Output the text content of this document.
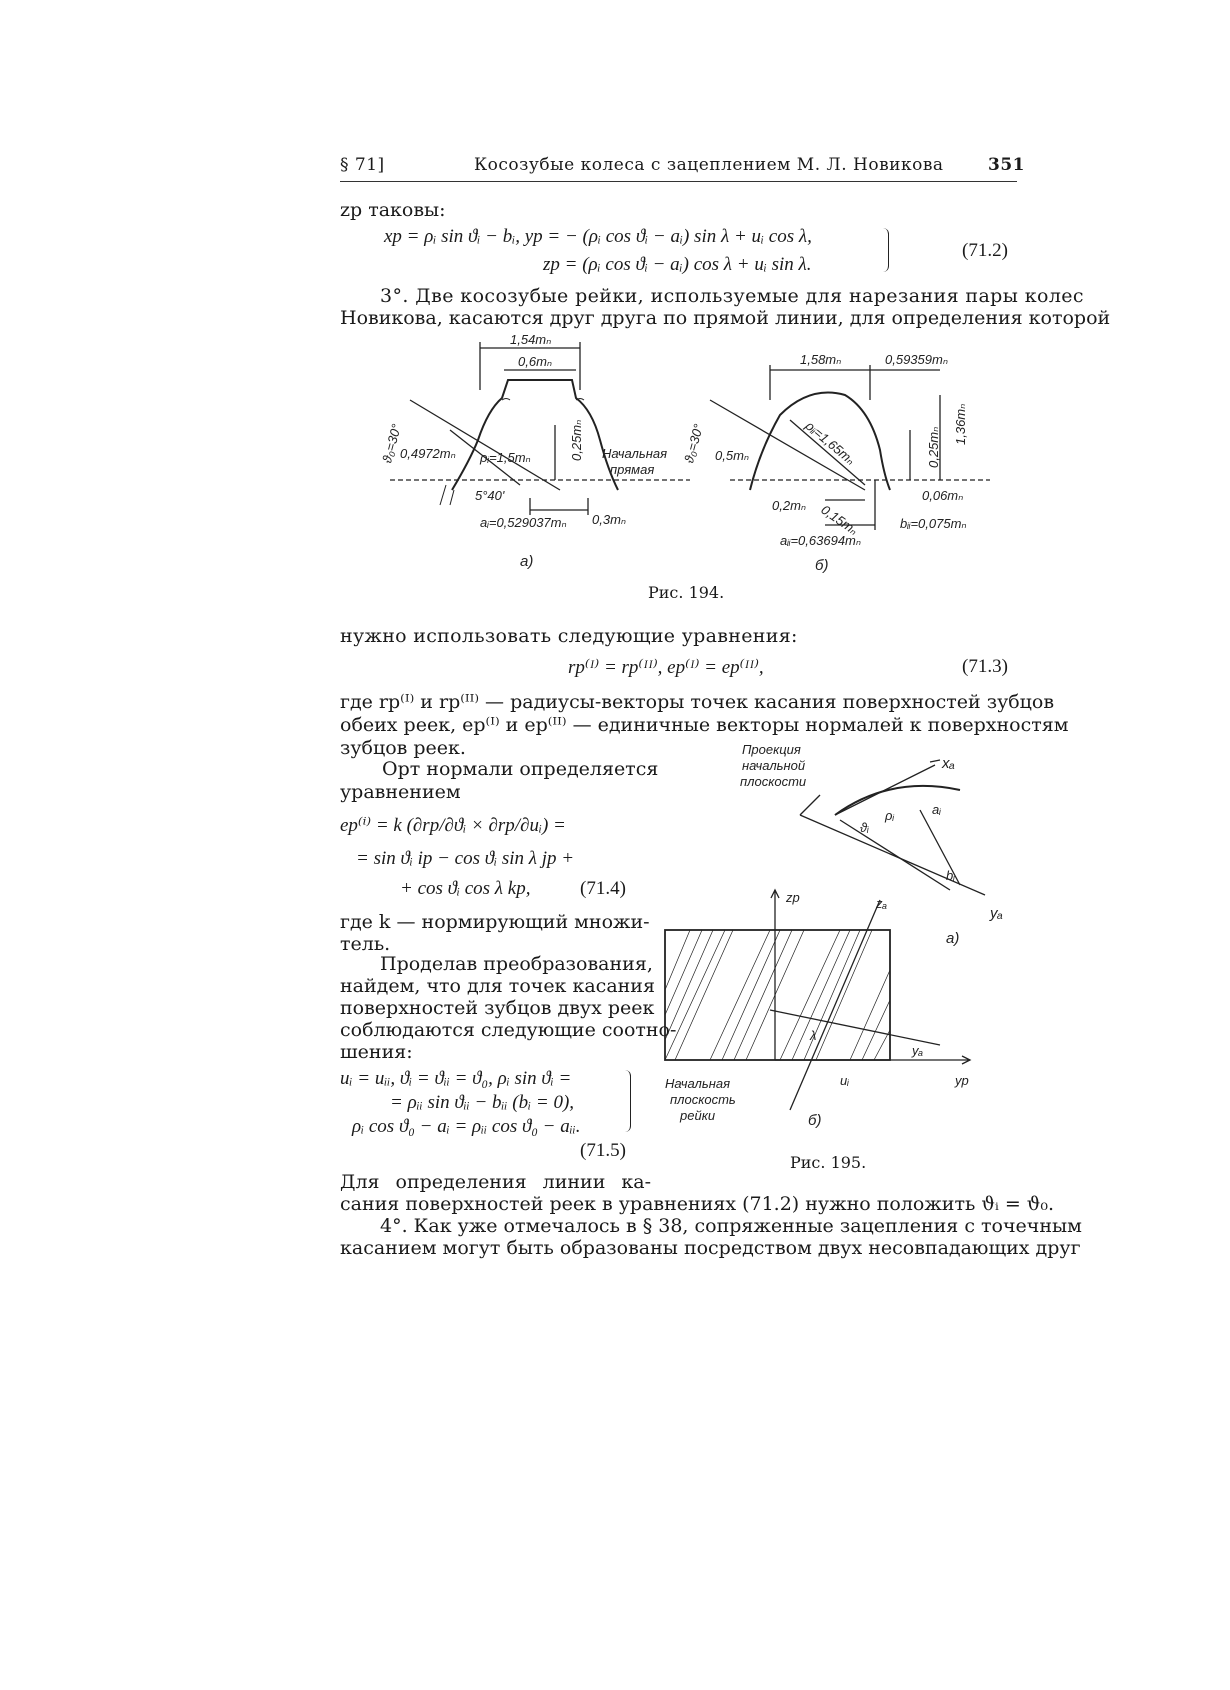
§ 71]	Косозубые колеса с зацеплением М. Л. Новикова	351
zр таковы:
xр = ρᵢ sin ϑᵢ − bᵢ, yр = − (ρᵢ cos ϑᵢ − aᵢ) sin λ + uᵢ cos λ,
zр = (ρᵢ cos ϑᵢ − aᵢ) cos λ + uᵢ sin λ.
(71.2)
3°. Две косозубые рейки, используемые для нарезания пары колес
Новикова, касаются друг друга по прямой линии, для определения которой
1,54mₙ
0,6mₙ
ϑ₀=30°
0,4972mₙ ρᵢ=1,5mₙ	0,25mₙ
5°40'
Начальная
прямая
aᵢ=0,529037mₙ 0,3mₙ
а)
1,58mₙ	0,59359mₙ
ϑ₀=30° 0,5mₙ	ρᵢᵢ=1,65mₙ	0,25mₙ
1,36mₙ
0,2mₙ 0,15mₙ
0,06mₙ
bᵢᵢ=0,075mₙ
aᵢᵢ=0,63694mₙ
б)
Рис. 194.
нужно использовать следующие уравнения:
rр⁽ᴵ⁾ = rр⁽ᴵᴵ⁾, eр⁽ᴵ⁾ = eр⁽ᴵᴵ⁾,	(71.3)
где rр⁽ᴵ⁾ и rр⁽ᴵᴵ⁾ — радиусы-векторы точек касания поверхностей зубцов
обеих реек, eр⁽ᴵ⁾ и eр⁽ᴵᴵ⁾ — единичные векторы нормалей к поверхностям
зубцов реек.
Орт нормали определяется
уравнением
eр⁽ⁱ⁾ = k (∂rр/∂ϑᵢ × ∂rр/∂uᵢ) =
= sin ϑᵢ iр − cos ϑᵢ sin λ jр +
+ cos ϑᵢ cos λ kр,	(71.4)
где k — нормирующий множи-
тель.
Проделав преобразования,
найдем, что для точек касания
поверхностей зубцов двух реек
соблюдаются следующие соотно-
шения:
uᵢ = uᵢᵢ, ϑᵢ = ϑᵢᵢ = ϑ₀, ρᵢ sin ϑᵢ =
= ρᵢᵢ sin ϑᵢᵢ − bᵢᵢ (bᵢ = 0),
ρᵢ cos ϑ₀ − aᵢ = ρᵢᵢ cos ϑ₀ − aᵢᵢ.
(71.5)
Для определения линии ка-
Проекция
начальной
плоскости
xₐ
ρᵢ
ϑᵢ
aᵢ
bᵢ
yₐ
а)
zр	zₐ
yₐ
yр
λ
uᵢ
Начальная
плоскость
рейки	б)
Рис. 195.
сания поверхностей реек в уравнениях (71.2) нужно положить ϑᵢ = ϑ₀.
4°. Как уже отмечалось в § 38, сопряженные зацепления с точечным
касанием могут быть образованы посредством двух несовпадающих друг
